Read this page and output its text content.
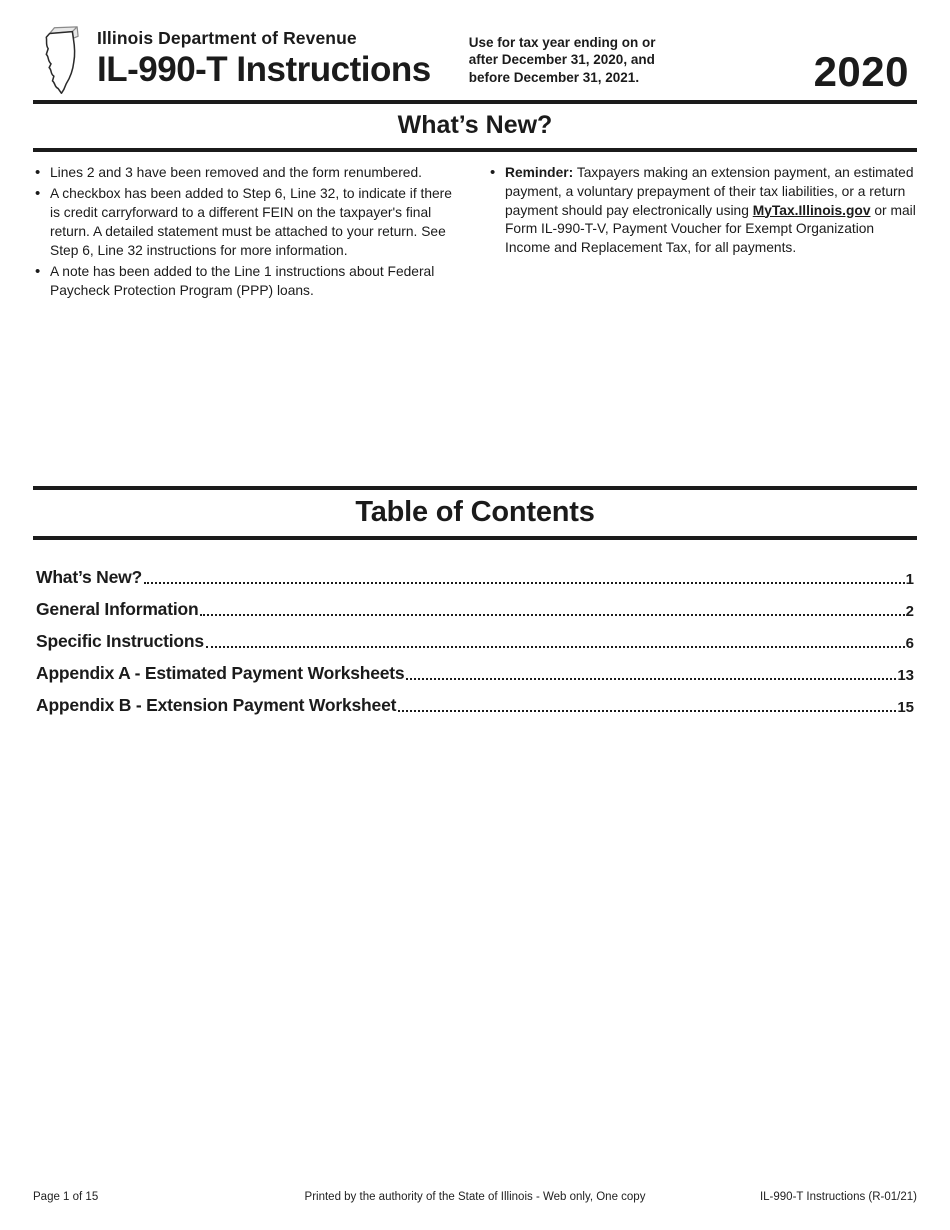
Illinois Department of Revenue
IL-990-T Instructions
Use for tax year ending on or
after December 31, 2020, and
before December 31, 2021.	2020
What’s New?
• Lines 2 and 3 have been removed and the form renumbered.
• A checkbox has been added to Step 6, Line 32, to indicate if there is credit carryforward to a different FEIN on the taxpayer's final return. A detailed statement must be attached to your return. See Step 6, Line 32 instructions for more information.
• A note has been added to the Line 1 instructions about Federal Paycheck Protection Program (PPP) loans.
• Reminder: Taxpayers making an extension payment, an estimated payment, a voluntary prepayment of their tax liabilities, or a return payment should pay electronically using MyTax.Illinois.gov or mail Form IL-990-T-V, Payment Voucher for Exempt Organization Income and Replacement Tax, for all payments.
Table of Contents
What’s New?	1
General Information	2
Specific Instructions	6
Appendix A - Estimated Payment Worksheets	13
Appendix B - Extension Payment Worksheet	15
Page 1 of 15	Printed by the authority of the State of Illinois - Web only, One copy	IL-990-T Instructions (R-01/21)
